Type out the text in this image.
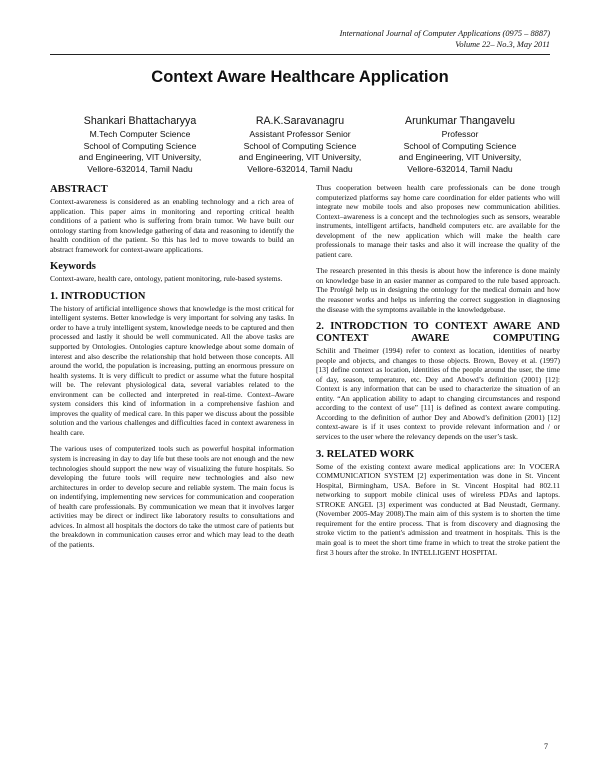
International Journal of Computer Applications (0975 – 8887)
Volume 22– No.3, May 2011
Context Aware Healthcare Application
Shankari Bhattacharyya
M.Tech Computer Science
School of Computing Science
and Engineering, VIT University,
Vellore-632014, Tamil Nadu
RA.K.Saravanagru
Assistant Professor Senior
School of Computing Science
and Engineering, VIT University,
Vellore-632014, Tamil Nadu
Arunkumar Thangavelu
Professor
School of Computing Science
and Engineering, VIT University,
Vellore-632014, Tamil Nadu
ABSTRACT

Context-awareness is considered as an enabling technology and a rich area of application. This paper aims in monitoring and reporting critical health conditions of a patient who is suffering from brain tumor. We have built our ontology starting from knowledge gathering of data and reasoning to identify the health condition of the patient. So this has led to move towards to build an abstract framework for context-aware applications.

Keywords

Context-aware, health care, ontology, patient monitoring, rule-based systems.

1. INTRODUCTION

The history of artificial intelligence shows that knowledge is the most critical for intelligent systems. Better knowledge is very important for solving any tasks. In order to have a truly intelligent system, knowledge needs to be captured and then processed and lastly it should be well communicated. All the above tasks are supported by Ontologies. Ontologies capture knowledge about some domain of interest and also describe the relationship that hold between those concepts. All around the world, the population is increasing, putting an enormous pressure on health systems. It is very difficult to predict or assume what the future hospital will be. The relevant physiological data, several variables related to the environment can be collected and interpreted in real-time. Context–Aware system considers this kind of information in a comprehensive fashion and improves the quality of medical care. In this paper we discuss about the possible solution and the various challenges and difficulties faced in context awareness in health care.

The various uses of computerized tools such as powerful hospital information system is increasing in day to day life but these tools are not enough and the new technologies should support the new way of visualizing the future hospitals. So developing the future tools will require new technologies and also new architectures in order to develop secure and reliable system. The main focus is on indentifying, implementing new services for communication and cooperation of health care professionals. By communication we mean that it involves larger activities may be direct or indirect like laboratory results to consultations and advices. In almost all hospitals the doctors do take the utmost care of patients but the breakdown in communication causes error and which may lead to the death of the patients.

Thus cooperation between health care professionals can be done trough computerized platforms say home care coordination for elder patients who will integrate new mobile tools and also proposes new communication abilities. Context–awareness is a concept and the technologies such as sensors, wearable instruments, intelligent artifacts, handheld computers etc. are available for the development of the new application which will make the health care professionals to manage their tasks and also it will increase the quality of the patient care.

The research presented in this thesis is about how the inference is done mainly on knowledge base in an easier manner as compared to the rule based approach. The Protégé help us in designing the ontology for the medical domain and how the reasoner works and helps us inferring the correct suggestion in diagnosing the disease with the symptoms available in the knowledgebase.

2. INTRODCTION TO CONTEXT AWARE AND CONTEXT AWARE COMPUTING

Schilit and Theimer (1994) refer to context as location, identities of nearby people and objects, and changes to those objects. Brown, Bovey et al. (1997) [13] define context as location, identities of the people around the user, the time of day, season, temperature, etc. Dey and Abowd’s definition (2001) [12]: Context is any information that can be used to characterize the situation of an entity. “An application ability to adapt to changing circumstances and respond according to the context of use” [11] is defined as context aware computing. According to the definition of author Dey and Abowd’s definition (2001) [12] context-aware is if it uses context to provide relevant information and / or services to the user where the relevancy depends on the user’s task.

3. RELATED WORK

Some of the existing context aware medical applications are: In VOCERA COMMUNICATION SYSTEM [2] experimentation was done in St. Vincent Hospital, Birmingham, USA. Before in St. Vincent Hospital had 802.11 networking to support mobile clinical uses of wireless PDAs and laptops. STROKE ANGEL [3] experiment was conducted at Bad Neustadt, Germany. (November 2005-May 2008).The main aim of this system is to shorten the time requirement for the entire process. That is from discovery and diagnosing the stroke victim to the patient's admission and treatment in hospitals. This is the main goal is to meet the short time frame in which to treat the stroke patient the first 3 hours after the stroke. In INTELLIGENT HOSPITAL

7
